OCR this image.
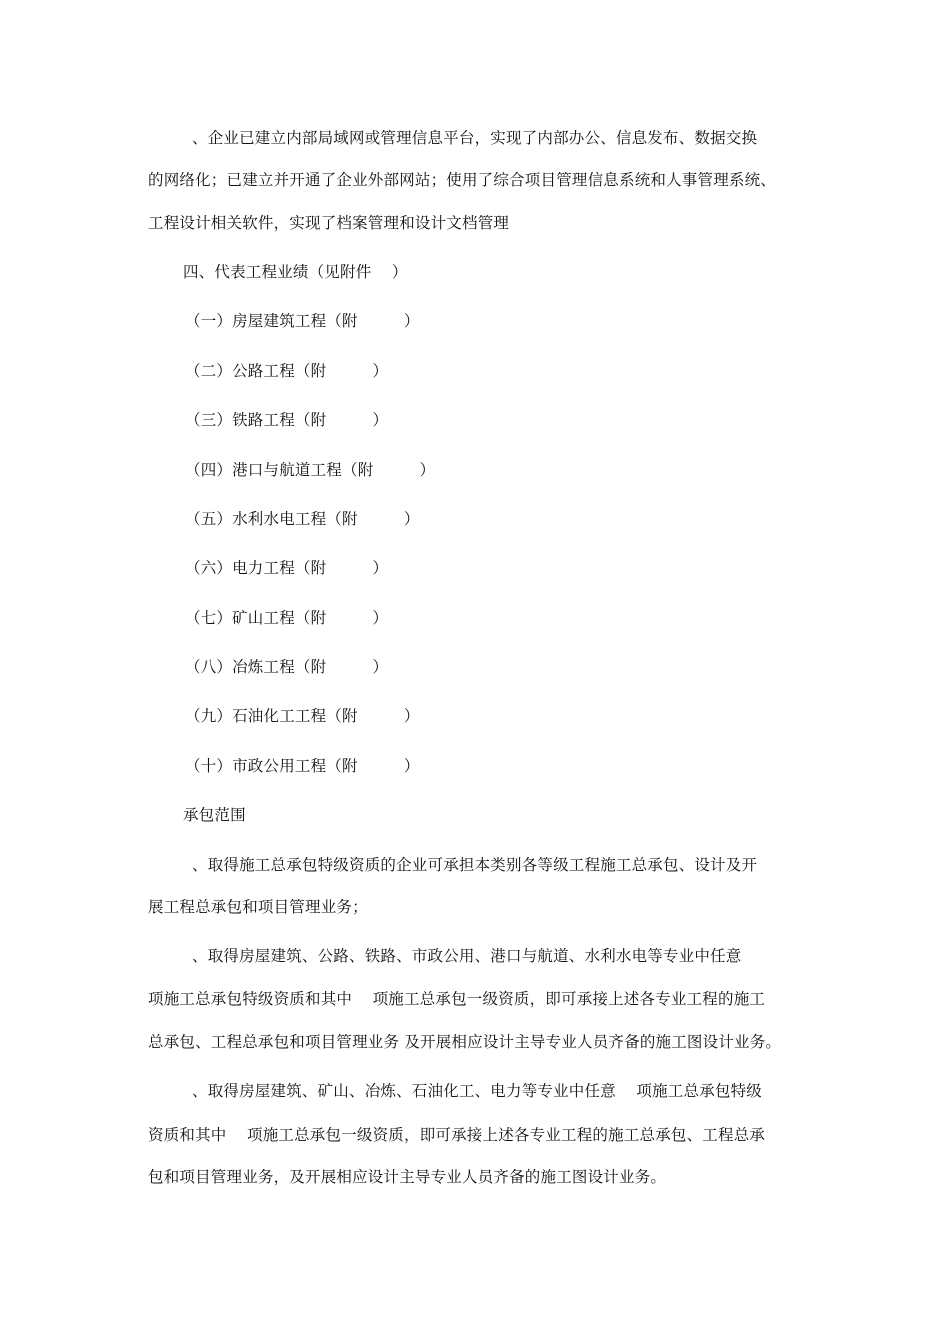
、企业已建立内部局域网或管理信息平台，实现了内部办公、信息发布、数据交换
的网络化；已建立并开通了企业外部网站；使用了综合项目管理信息系统和人事管理系统、
工程设计相关软件，实现了档案管理和设计文档管理
四、代表工程业绩（见附件    ）
（一）房屋建筑工程（附         ）
（二）公路工程（附         ）
（三）铁路工程（附         ）
（四）港口与航道工程（附         ）
（五）水利水电工程（附         ）
（六）电力工程（附         ）
（七）矿山工程（附         ）
（八）冶炼工程（附         ）
（九）石油化工工程（附         ）
（十）市政公用工程（附         ）
承包范围
、取得施工总承包特级资质的企业可承担本类别各等级工程施工总承包、设计及开
展工程总承包和项目管理业务；
、取得房屋建筑、公路、铁路、市政公用、港口与航道、水利水电等专业中任意
项施工总承包特级资质和其中    项施工总承包一级资质，即可承接上述各专业工程的施工
总承包、工程总承包和项目管理业务 及开展相应设计主导专业人员齐备的施工图设计业务。
、取得房屋建筑、矿山、冶炼、石油化工、电力等专业中任意    项施工总承包特级
资质和其中    项施工总承包一级资质，即可承接上述各专业工程的施工总承包、工程总承
包和项目管理业务，及开展相应设计主导专业人员齐备的施工图设计业务。
